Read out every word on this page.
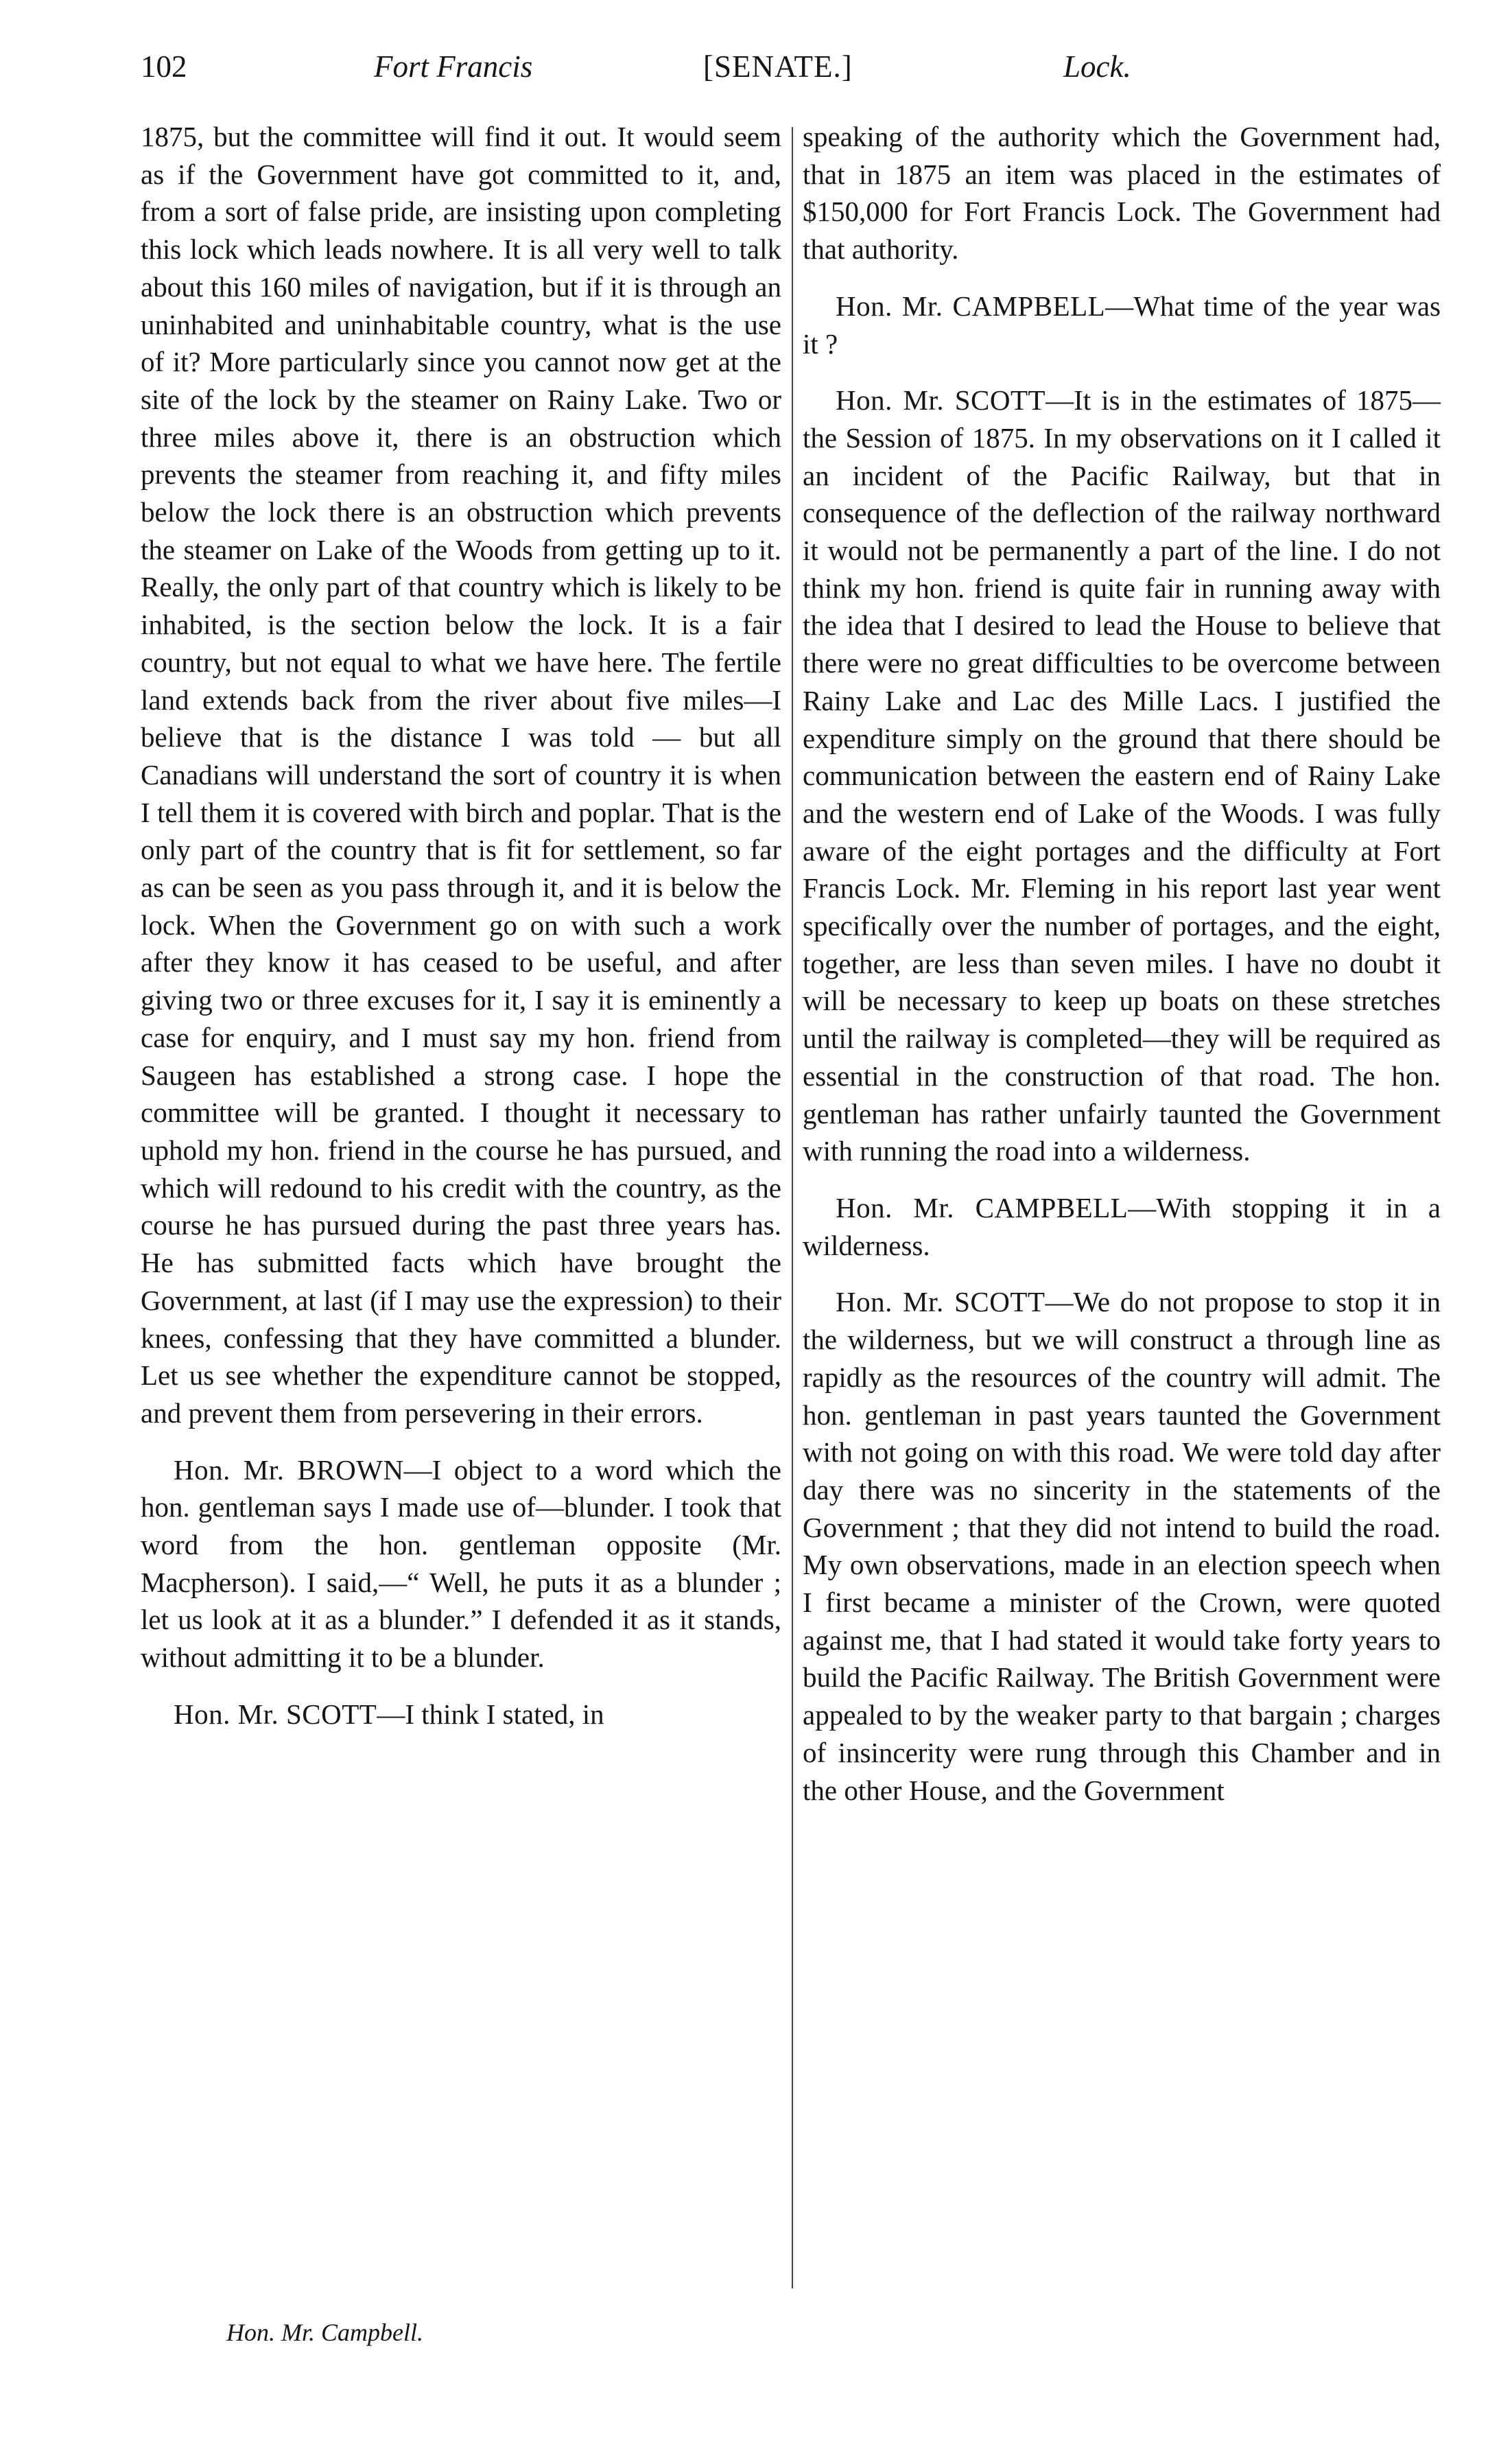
102	Fort Francis	[SENATE.]	Lock.

1875, but the committee will find it out. It would seem as if the Government have got committed to it, and, from a sort of false pride, are insisting upon completing this lock which leads nowhere. It is all very well to talk about this 160 miles of navigation, but if it is through an uninhabited and uninhabitable country, what is the use of it? More particularly since you cannot now get at the site of the lock by the steamer on Rainy Lake. Two or three miles above it, there is an obstruction which prevents the steamer from reaching it, and fifty miles below the lock there is an obstruction which prevents the steamer on Lake of the Woods from getting up to it. Really, the only part of that country which is likely to be inhabited, is the section below the lock. It is a fair country, but not equal to what we have here. The fertile land extends back from the river about five miles—I believe that is the distance I was told — but all Canadians will understand the sort of country it is when I tell them it is covered with birch and poplar. That is the only part of the country that is fit for settlement, so far as can be seen as you pass through it, and it is below the lock. When the Government go on with such a work after they know it has ceased to be useful, and after giving two or three excuses for it, I say it is eminently a case for enquiry, and I must say my hon. friend from Saugeen has established a strong case. I hope the committee will be granted. I thought it necessary to uphold my hon. friend in the course he has pursued, and which will redound to his credit with the country, as the course he has pursued during the past three years has. He has submitted facts which have brought the Government, at last (if I may use the expression) to their knees, confessing that they have committed a blunder. Let us see whether the expenditure cannot be stopped, and prevent them from persevering in their errors.

Hon. Mr. BROWN—I object to a word which the hon. gentleman says I made use of—blunder. I took that word from the hon. gentleman opposite (Mr. Macpherson). I said,—“ Well, he puts it as a blunder ; let us look at it as a blunder.” I defended it as it stands, without admitting it to be a blunder.

Hon. Mr. SCOTT—I think I stated, in

speaking of the authority which the Government had, that in 1875 an item was placed in the estimates of $150,000 for Fort Francis Lock. The Government had that authority.

Hon. Mr. CAMPBELL—What time of the year was it ?

Hon. Mr. SCOTT—It is in the estimates of 1875—the Session of 1875. In my observations on it I called it an incident of the Pacific Railway, but that in consequence of the deflection of the railway northward it would not be permanently a part of the line. I do not think my hon. friend is quite fair in running away with the idea that I desired to lead the House to believe that there were no great difficulties to be overcome between Rainy Lake and Lac des Mille Lacs. I justified the expenditure simply on the ground that there should be communication between the eastern end of Rainy Lake and the western end of Lake of the Woods. I was fully aware of the eight portages and the difficulty at Fort Francis Lock. Mr. Fleming in his report last year went specifically over the number of portages, and the eight, together, are less than seven miles. I have no doubt it will be necessary to keep up boats on these stretches until the railway is completed—they will be required as essential in the construction of that road. The hon. gentleman has rather unfairly taunted the Government with running the road into a wilderness.

Hon. Mr. CAMPBELL—With stopping it in a wilderness.

Hon. Mr. SCOTT—We do not propose to stop it in the wilderness, but we will construct a through line as rapidly as the resources of the country will admit. The hon. gentleman in past years taunted the Government with not going on with this road. We were told day after day there was no sincerity in the statements of the Government ; that they did not intend to build the road. My own observations, made in an election speech when I first became a minister of the Crown, were quoted against me, that I had stated it would take forty years to build the Pacific Railway. The British Government were appealed to by the weaker party to that bargain ; charges of insincerity were rung through this Chamber and in the other House, and the Government

Hon. Mr. Campbell.
